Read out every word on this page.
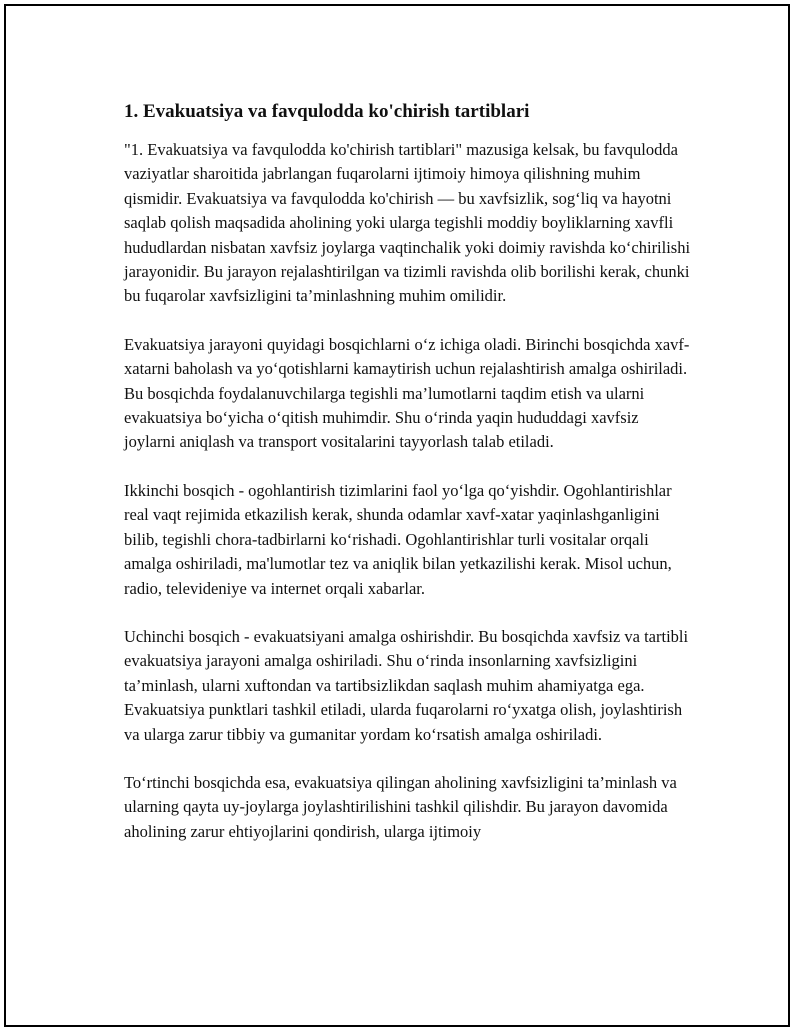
1. Evakuatsiya va favqulodda ko'chirish tartiblari

"1. Evakuatsiya va favqulodda ko'chirish tartiblari" mazusiga kelsak, bu favqulodda vaziyatlar sharoitida jabrlangan fuqarolarni ijtimoiy himoya qilishning muhim qismidir. Evakuatsiya va favqulodda ko'chirish — bu xavfsizlik, sog‘liq va hayotni saqlab qolish maqsadida aholining yoki ularga tegishli moddiy boyliklarning xavfli hududlardan nisbatan xavfsiz joylarga vaqtinchalik yoki doimiy ravishda ko‘chirilishi jarayonidir. Bu jarayon rejalashtirilgan va tizimli ravishda olib borilishi kerak, chunki bu fuqarolar xavfsizligini ta’minlashning muhim omilidir.

Evakuatsiya jarayoni quyidagi bosqichlarni o‘z ichiga oladi. Birinchi bosqichda xavf-xatarni baholash va yo‘qotishlarni kamaytirish uchun rejalashtirish amalga oshiriladi. Bu bosqichda foydalanuvchilarga tegishli ma’lumotlarni taqdim etish va ularni evakuatsiya bo‘yicha o‘qitish muhimdir. Shu o‘rinda yaqin hududdagi xavfsiz joylarni aniqlash va transport vositalarini tayyorlash talab etiladi.

Ikkinchi bosqich - ogohlantirish tizimlarini faol yo‘lga qo‘yishdir. Ogohlantirishlar real vaqt rejimida etkazilish kerak, shunda odamlar xavf-xatar yaqinlashganligini bilib, tegishli chora-tadbirlarni ko‘rishadi. Ogohlantirishlar turli vositalar orqali amalga oshiriladi, ma'lumotlar tez va aniqlik bilan yetkazilishi kerak. Misol uchun, radio, televideniye va internet orqali xabarlar.

Uchinchi bosqich - evakuatsiyani amalga oshirishdir. Bu bosqichda xavfsiz va tartibli evakuatsiya jarayoni amalga oshiriladi. Shu o‘rinda insonlarning xavfsizligini ta’minlash, ularni xuftondan va tartibsizlikdan saqlash muhim ahamiyatga ega. Evakuatsiya punktlari tashkil etiladi, ularda fuqarolarni ro‘yxatga olish, joylashtirish va ularga zarur tibbiy va gumanitar yordam ko‘rsatish amalga oshiriladi.

To‘rtinchi bosqichda esa, evakuatsiya qilingan aholining xavfsizligini ta’minlash va ularning qayta uy-joylarga joylashtirilishini tashkil qilishdir. Bu jarayon davomida aholining zarur ehtiyojlarini qondirish, ularga ijtimoiy
